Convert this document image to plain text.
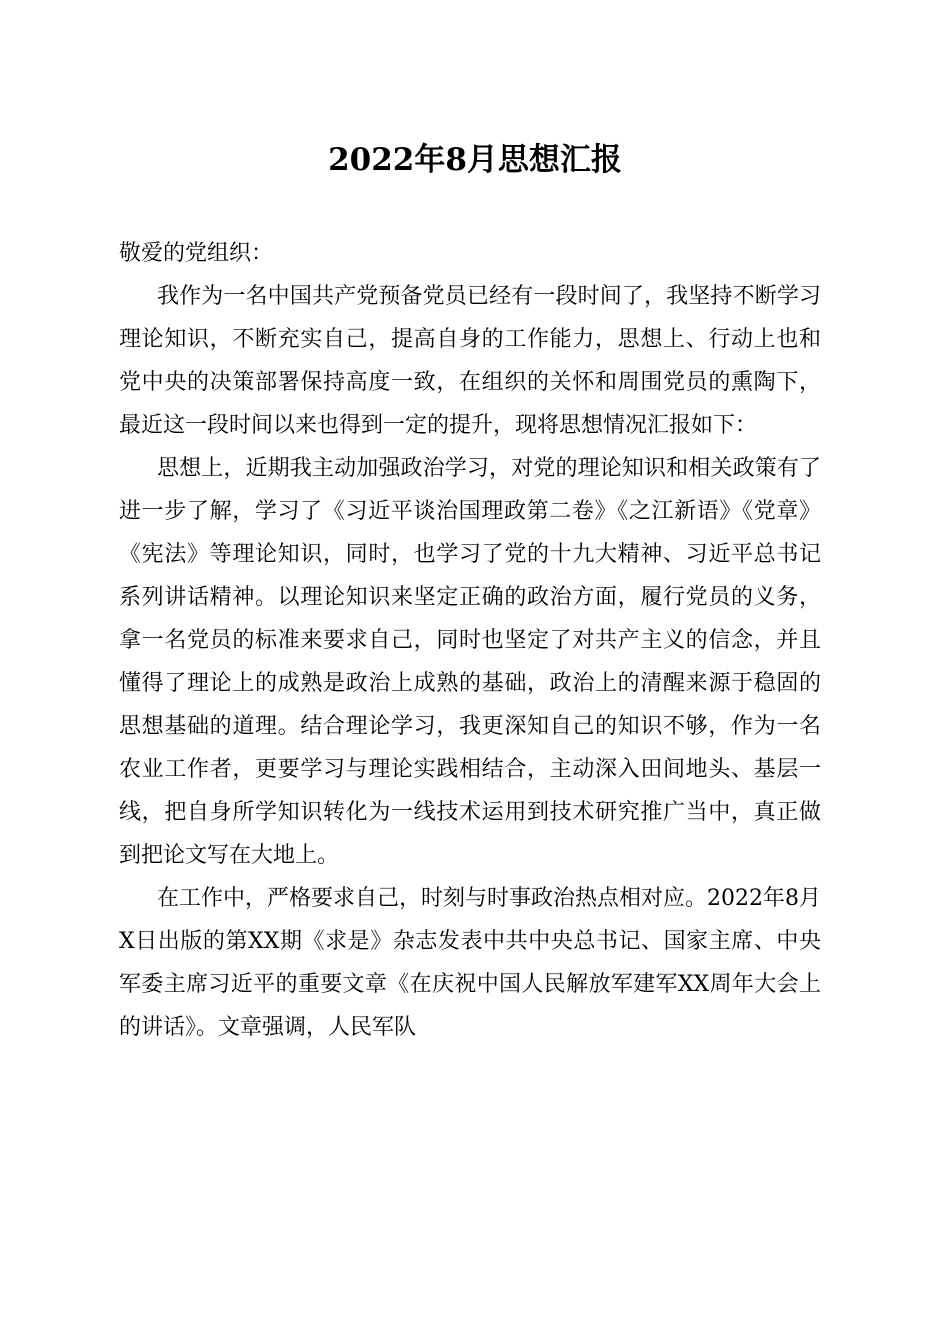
2022年8月思想汇报

敬爱的党组织：

我作为一名中国共产党预备党员已经有一段时间了，我坚持不断学习理论知识，不断充实自己，提高自身的工作能力，思想上、行动上也和党中央的决策部署保持高度一致，在组织的关怀和周围党员的熏陶下，最近这一段时间以来也得到一定的提升，现将思想情况汇报如下：

思想上，近期我主动加强政治学习，对党的理论知识和相关政策有了进一步了解，学习了《习近平谈治国理政第二卷》《之江新语》《党章》《宪法》等理论知识，同时，也学习了党的十九大精神、习近平总书记系列讲话精神。以理论知识来坚定正确的政治方面，履行党员的义务，拿一名党员的标准来要求自己，同时也坚定了对共产主义的信念，并且懂得了理论上的成熟是政治上成熟的基础，政治上的清醒来源于稳固的思想基础的道理。结合理论学习，我更深知自己的知识不够，作为一名农业工作者，更要学习与理论实践相结合，主动深入田间地头、基层一线，把自身所学知识转化为一线技术运用到技术研究推广当中，真正做到把论文写在大地上。

在工作中，严格要求自己，时刻与时事政治热点相对应。2022年8月X日出版的第XX期《求是》杂志发表中共中央总书记、国家主席、中央军委主席习近平的重要文章《在庆祝中国人民解放军建军XX周年大会上的讲话》。文章强调，人民军队
